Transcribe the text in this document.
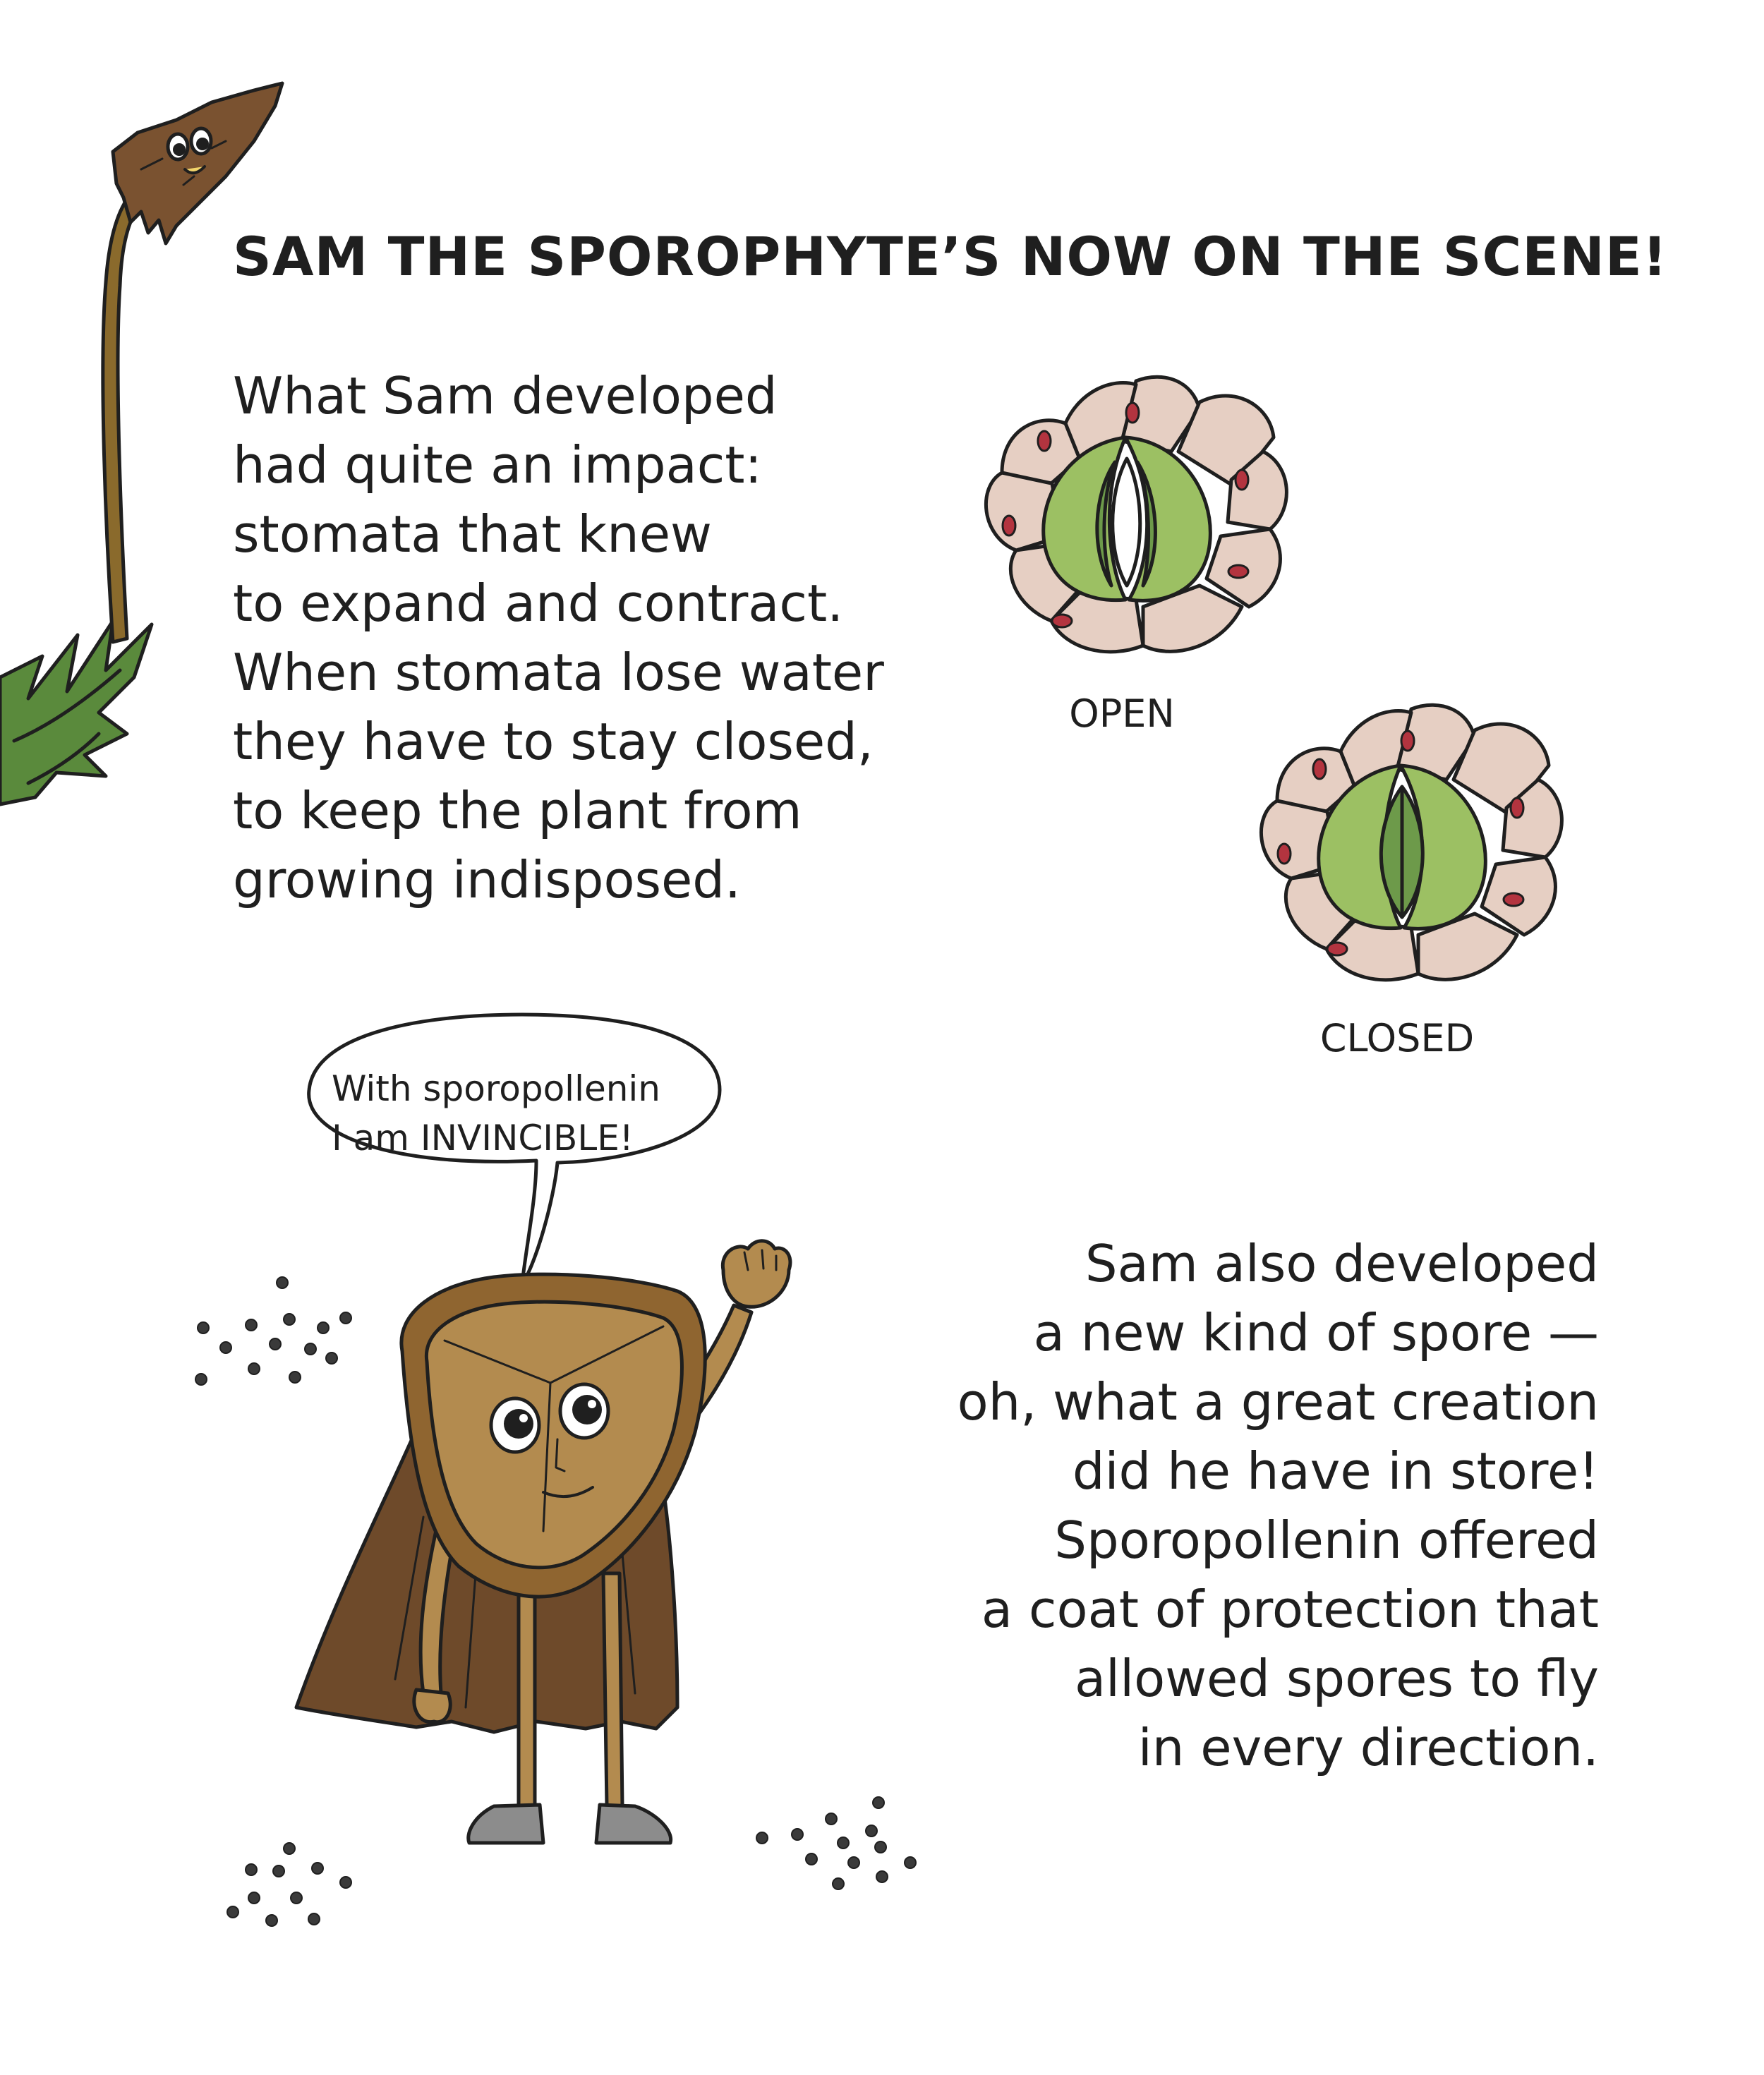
SAM THE SPOROPHYTE’S NOW ON THE SCENE!

What Sam developed
had quite an impact:
stomata that knew
to expand and contract.
When stomata lose water
they have to stay closed,
to keep the plant from
growing indisposed.

OPEN

CLOSED

With sporopollenin
I am INVINCIBLE!

Sam also developed
a new kind of spore —
oh, what a great creation
did he have in store!
Sporopollenin offered
a coat of protection that
allowed spores to fly
in every direction.
